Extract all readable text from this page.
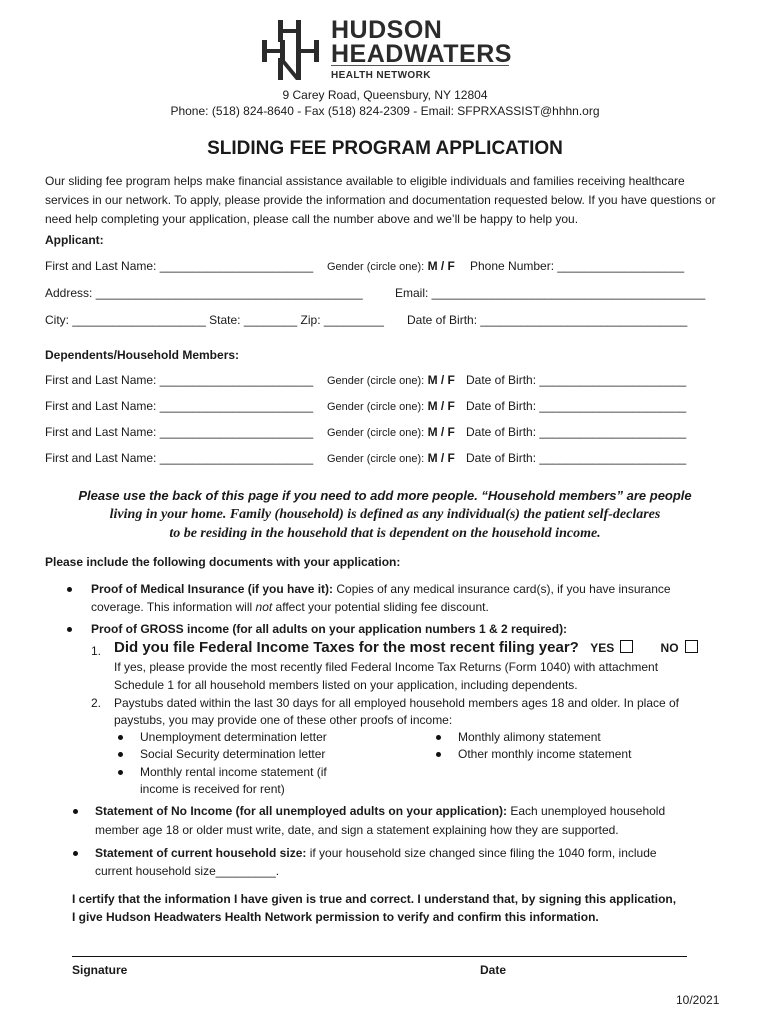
HUDSON
HEADWATERS
HEALTH NETWORK
9 Carey Road, Queensbury, NY 12804
Phone: (518) 824-8640 - Fax (518) 824-2309 - Email: SFPRXASSIST@hhhn.org
SLIDING FEE PROGRAM APPLICATION
Our sliding fee program helps make financial assistance available to eligible individuals and families receiving healthcare services in our network. To apply, please provide the information and documentation requested below. If you have questions or need help completing your application, please call the number above and we’ll be happy to help you.
Applicant:
First and Last Name: _______________________ Gender (circle one): M / F Phone Number: ___________________
Address: ________________________________________	Email: _________________________________________
City: ____________________ State: ________ Zip: _________ Date of Birth: _______________________________
Dependents/Household Members:
First and Last Name: _______________________ Gender (circle one): M / F Date of Birth: ______________________
First and Last Name: _______________________ Gender (circle one): M / F Date of Birth: ______________________
First and Last Name: _______________________ Gender (circle one): M / F Date of Birth: ______________________
First and Last Name: _______________________ Gender (circle one): M / F Date of Birth: ______________________
Please use the back of this page if you need to add more people. “Household members” are people
living in your home. Family (household) is defined as any individual(s) the patient self-declares
to be residing in the household that is dependent on the household income.
Please include the following documents with your application:
Proof of Medical Insurance (if you have it): Copies of any medical insurance card(s), if you have insurance
coverage. This information will not affect your potential sliding fee discount.
Proof of GROSS income (for all adults on your application numbers 1 & 2 required):
1. Did you file Federal Income Taxes for the most recent filing year? YES	NO
If yes, please provide the most recently filed Federal Income Tax Returns (Form 1040) with attachment
Schedule 1 for all household members listed on your application, including dependents.
2. Paystubs dated within the last 30 days for all employed household members ages 18 and older. In place of
paystubs, you may provide one of these other proofs of income:
Unemployment determination letter
Social Security determination letter
Monthly rental income statement (if
income is received for rent)
Monthly alimony statement
Other monthly income statement
Statement of No Income (for all unemployed adults on your application): Each unemployed household
member age 18 or older must write, date, and sign a statement explaining how they are supported.
Statement of current household size: if your household size changed since filing the 1040 form, include
current household size_________.
I certify that the information I have given is true and correct. I understand that, by signing this application,
I give Hudson Headwaters Health Network permission to verify and confirm this information.
Signature	Date
10/2021
